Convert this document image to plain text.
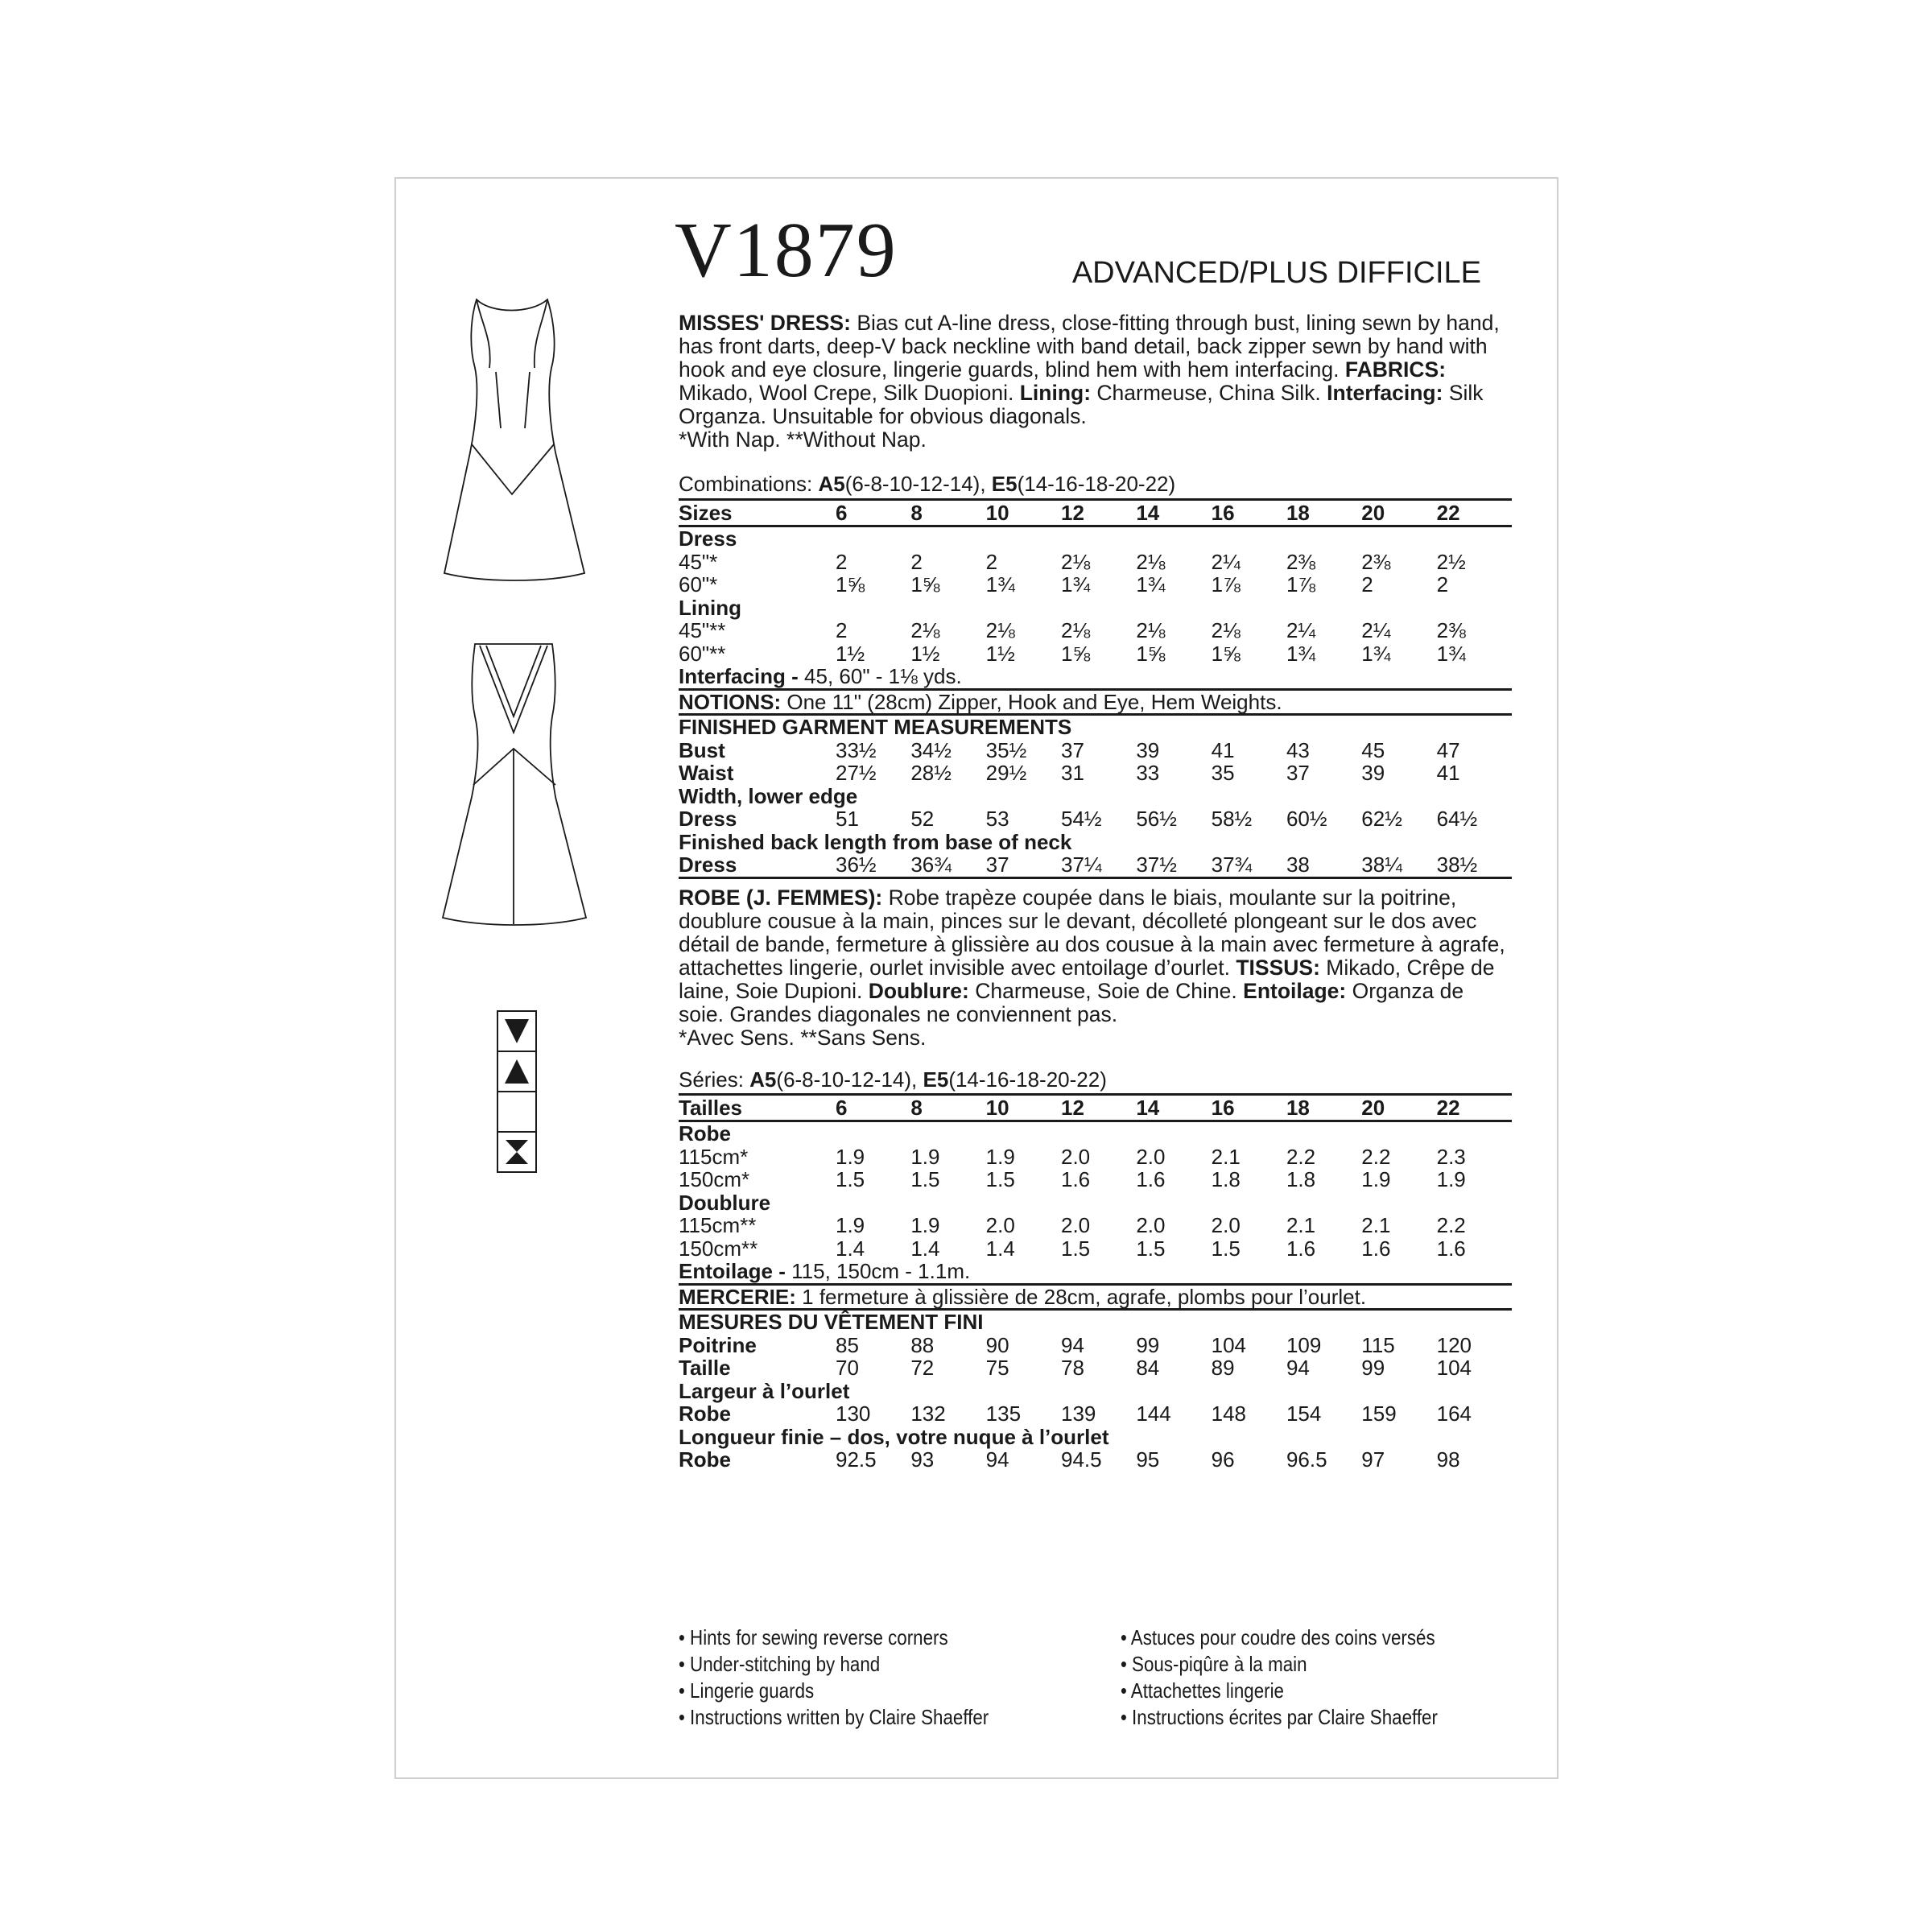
V1879	ADVANCED/PLUS DIFFICILE
MISSES' DRESS: Bias cut A-line dress, close-fitting through bust, lining sewn by hand, has front darts, deep-V back neckline with band detail, back zipper sewn by hand with hook and eye closure, lingerie guards, blind hem with hem interfacing. FABRICS: Mikado, Wool Crepe, Silk Duopioni. Lining: Charmeuse, China Silk. Interfacing: Silk Organza. Unsuitable for obvious diagonals.
*With Nap. **Without Nap.
Combinations: A5(6-8-10-12-14), E5(14-16-18-20-22)
Sizes	6	8	10	12	14	16	18	20	22
Dress									
45"*	2	2	2	2⅛	2⅛	2¼	2⅜	2⅜	2½
60"*	1⅝	1⅝	1¾	1¾	1¾	1⅞	1⅞	2	2
Lining									
45"**	2	2⅛	2⅛	2⅛	2⅛	2⅛	2¼	2¼	2⅜
60"**	1½	1½	1½	1⅝	1⅝	1⅝	1¾	1¾	1¾
Interfacing - 45, 60" - 1⅛ yds.									
NOTIONS: One 11" (28cm) Zipper, Hook and Eye, Hem Weights.									
FINISHED GARMENT MEASUREMENTS									
Bust	33½	34½	35½	37	39	41	43	45	47
Waist	27½	28½	29½	31	33	35	37	39	41
Width, lower edge									
Dress	51	52	53	54½	56½	58½	60½	62½	64½
Finished back length from base of neck									
Dress	36½	36¾	37	37¼	37½	37¾	38	38¼	38½
ROBE (J. FEMMES): Robe trapèze coupée dans le biais, moulante sur la poitrine, doublure cousue à la main, pinces sur le devant, décolleté plongeant sur le dos avec détail de bande, fermeture à glissière au dos cousue à la main avec fermeture à agrafe, attachettes lingerie, ourlet invisible avec entoilage d’ourlet. TISSUS: Mikado, Crêpe de laine, Soie Dupioni. Doublure: Charmeuse, Soie de Chine. Entoilage: Organza de soie. Grandes diagonales ne conviennent pas.
*Avec Sens. **Sans Sens.
Séries: A5(6-8-10-12-14), E5(14-16-18-20-22)
Tailles	6	8	10	12	14	16	18	20	22
Robe									
115cm*	1.9	1.9	1.9	2.0	2.0	2.1	2.2	2.2	2.3
150cm*	1.5	1.5	1.5	1.6	1.6	1.8	1.8	1.9	1.9
Doublure									
115cm**	1.9	1.9	2.0	2.0	2.0	2.0	2.1	2.1	2.2
150cm**	1.4	1.4	1.4	1.5	1.5	1.5	1.6	1.6	1.6
Entoilage - 115, 150cm - 1.1m.									
MERCERIE: 1 fermeture à glissière de 28cm, agrafe, plombs pour l’ourlet.									
MESURES DU VÊTEMENT FINI									
Poitrine	85	88	90	94	99	104	109	115	120
Taille	70	72	75	78	84	89	94	99	104
Largeur à l’ourlet									
Robe	130	132	135	139	144	148	154	159	164
Longueur finie – dos, votre nuque à l’ourlet									
Robe	92.5	93	94	94.5	95	96	96.5	97	98
• Hints for sewing reverse corners
• Under-stitching by hand
• Lingerie guards
• Instructions written by Claire Shaeffer
• Astuces pour coudre des coins versés
• Sous-piqûre à la main
• Attachettes lingerie
• Instructions écrites par Claire Shaeffer
